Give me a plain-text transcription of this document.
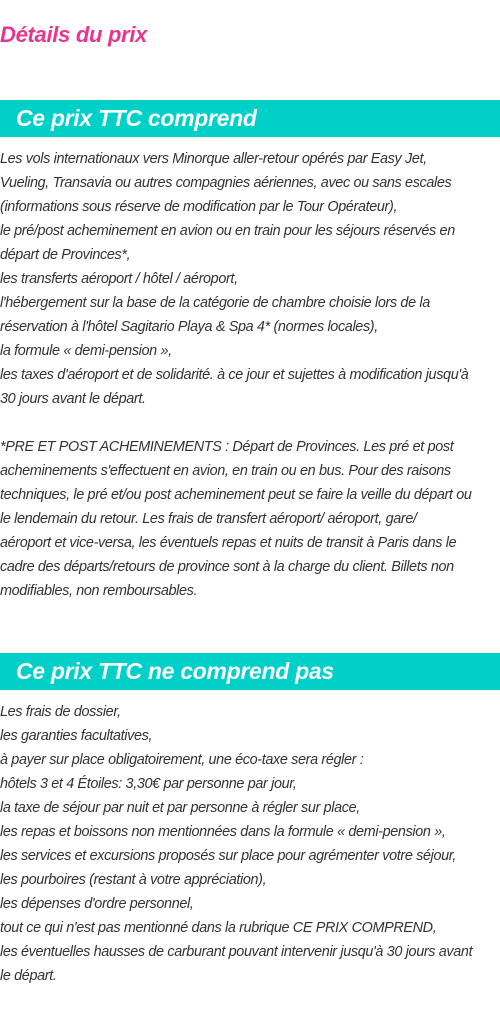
Détails du prix
Ce prix TTC comprend
Les vols internationaux vers Minorque aller-retour opérés par Easy Jet,
Vueling, Transavia ou autres compagnies aériennes, avec ou sans escales
(informations sous réserve de modification par le Tour Opérateur),
le pré/post acheminement en avion ou en train pour les séjours réservés en
départ de Provinces*,
les transferts aéroport / hôtel / aéroport,
l'hébergement sur la base de la catégorie de chambre choisie lors de la
réservation à l'hôtel Sagitario Playa & Spa 4* (normes locales),
la formule « demi-pension »,
les taxes d'aéroport et de solidarité. à ce jour et sujettes à modification jusqu'à
30 jours avant le départ.
*PRE ET POST ACHEMINEMENTS : Départ de Provinces. Les pré et post
acheminements s'effectuent en avion, en train ou en bus. Pour des raisons
techniques, le pré et/ou post acheminement peut se faire la veille du départ ou
le lendemain du retour. Les frais de transfert aéroport/ aéroport, gare/
aéroport et vice-versa, les éventuels repas et nuits de transit à Paris dans le
cadre des départs/retours de province sont à la charge du client. Billets non
modifiables, non remboursables.
Ce prix TTC ne comprend pas
Les frais de dossier,
les garanties facultatives,
à payer sur place obligatoirement, une éco-taxe sera régler :
hôtels 3 et 4 Étoiles: 3,30€ par personne par jour,
la taxe de séjour par nuit et par personne à régler sur place,
les repas et boissons non mentionnées dans la formule « demi-pension »,
les services et excursions proposés sur place pour agrémenter votre séjour,
les pourboires (restant à votre appréciation),
les dépenses d'ordre personnel,
tout ce qui n'est pas mentionné dans la rubrique CE PRIX COMPREND,
les éventuelles hausses de carburant pouvant intervenir jusqu'à 30 jours avant
le départ.
